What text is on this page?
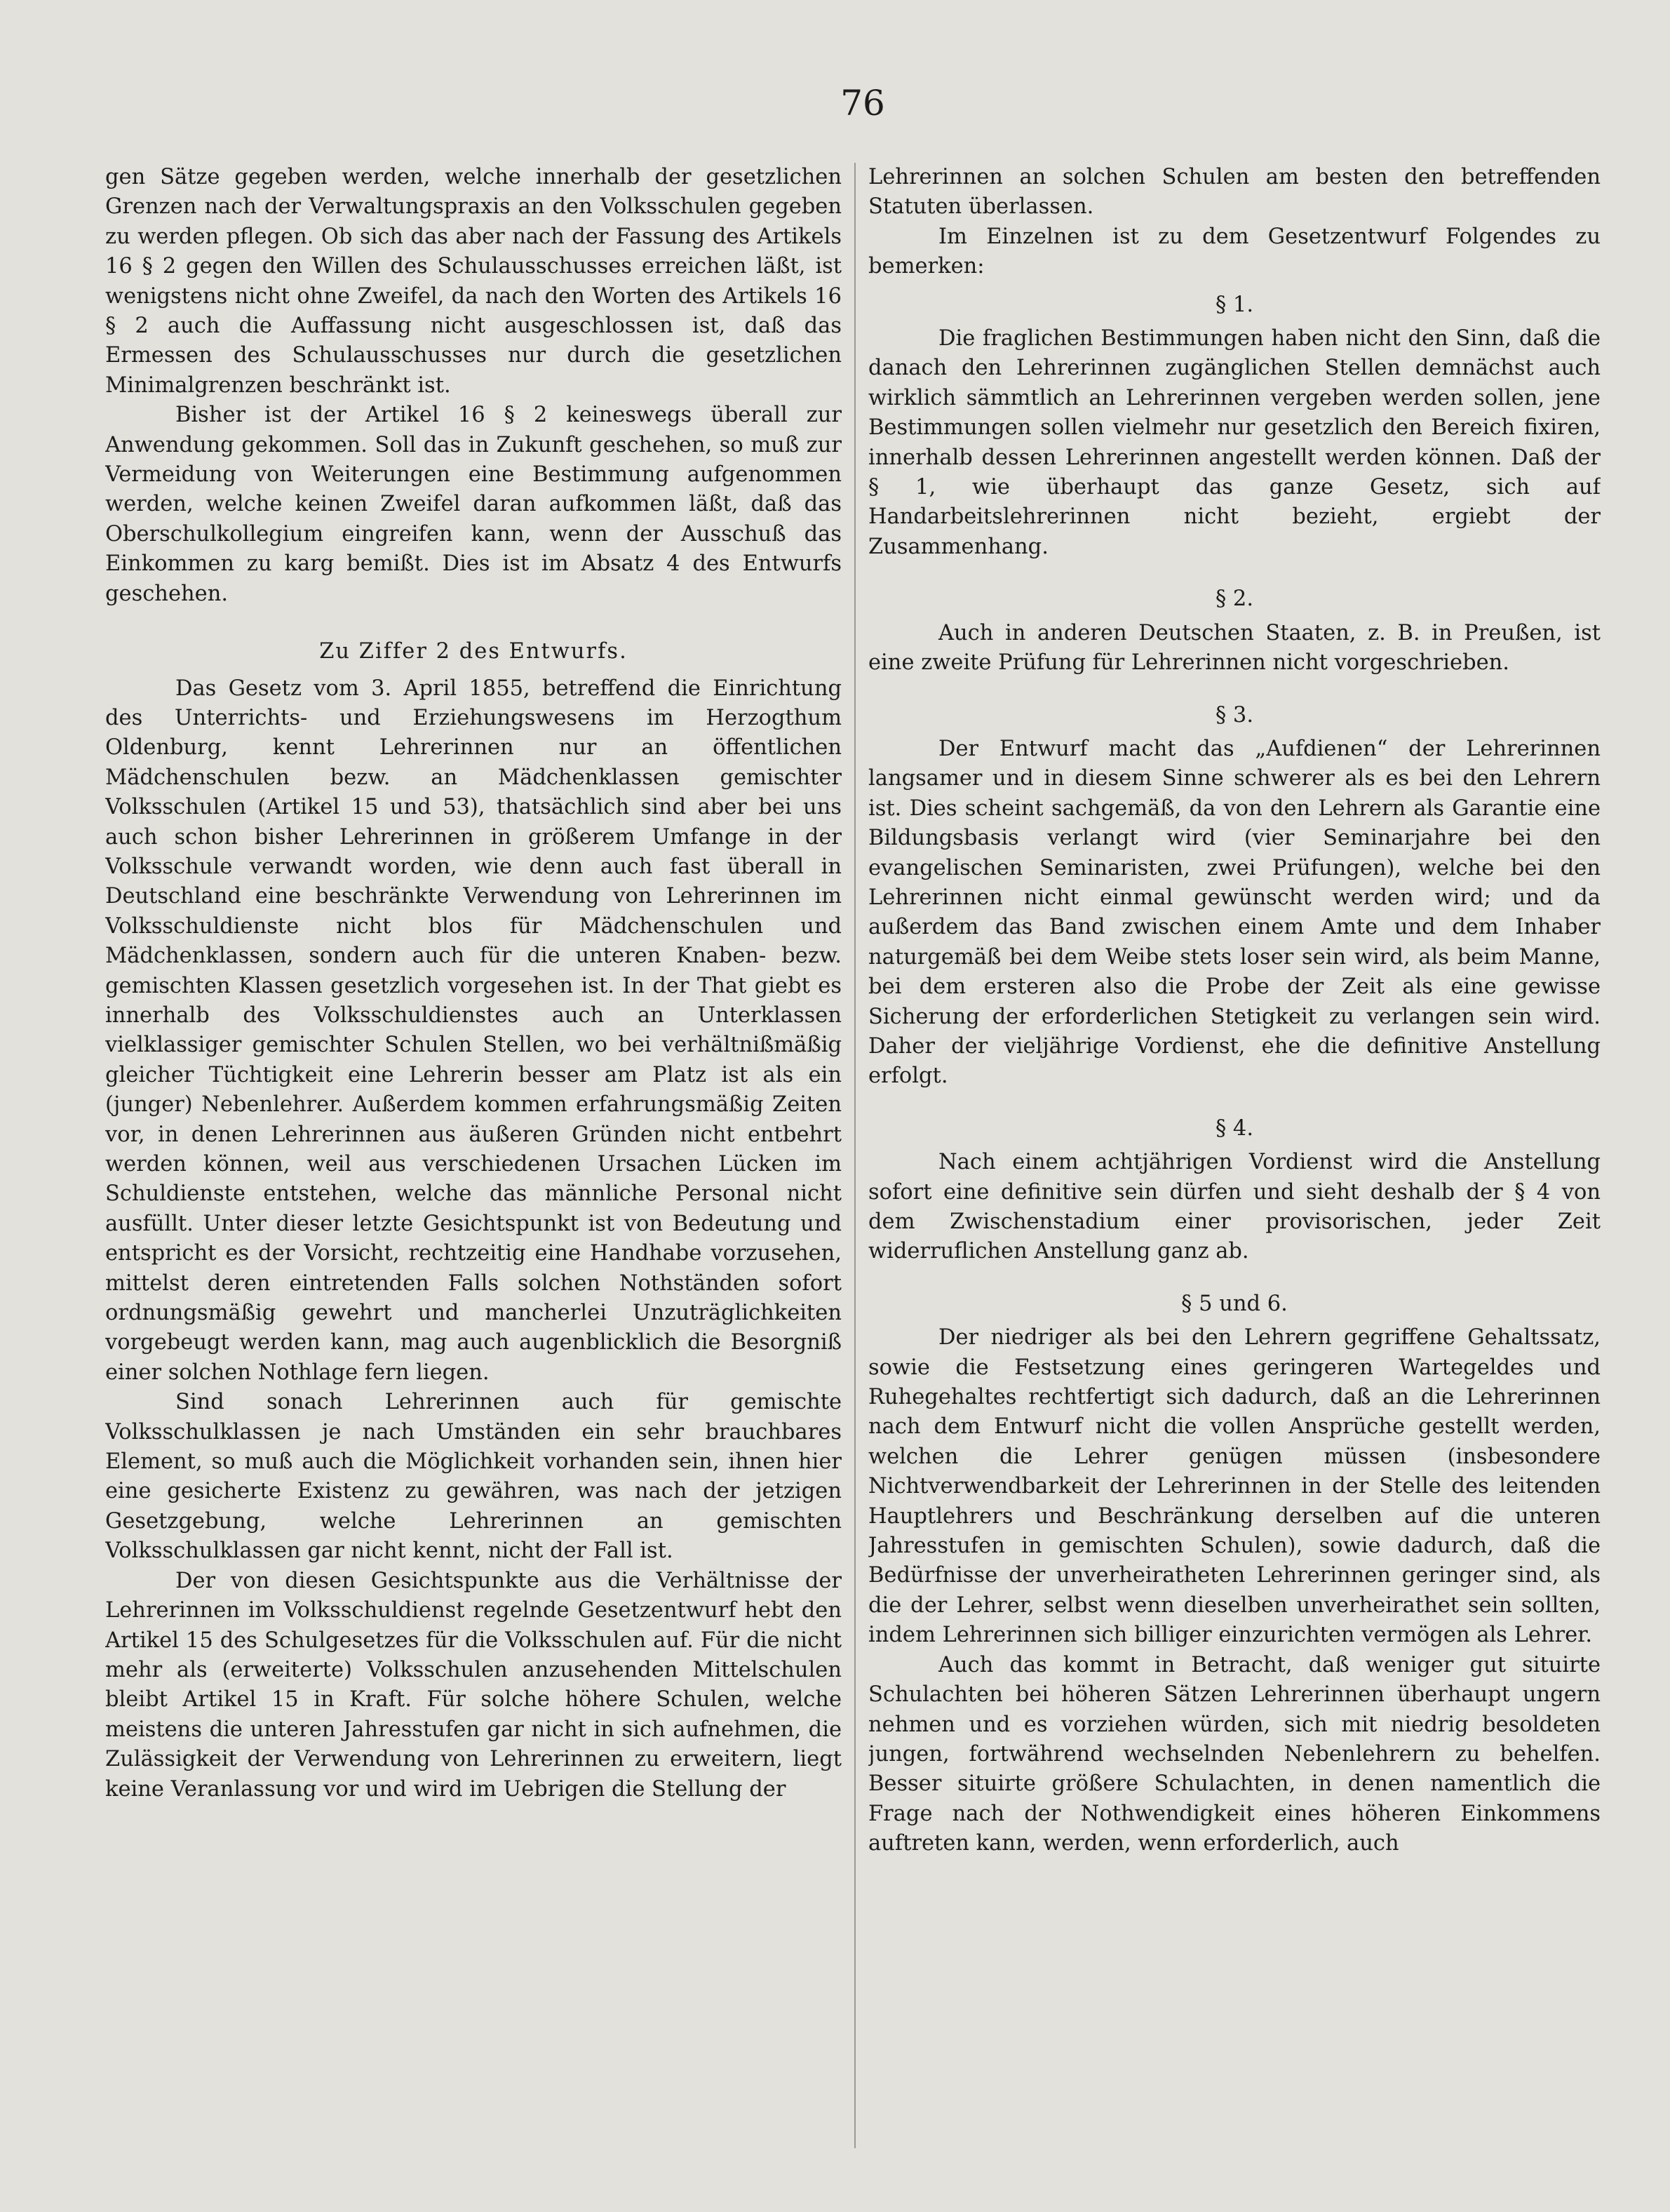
76

gen Sätze gegeben werden, welche innerhalb der gesetzlichen Grenzen nach der Verwaltungspraxis an den Volksschulen gegeben zu werden pflegen. Ob sich das aber nach der Fassung des Artikels 16 § 2 gegen den Willen des Schulausschusses erreichen läßt, ist wenigstens nicht ohne Zweifel, da nach den Worten des Artikels 16 § 2 auch die Auffassung nicht ausgeschlossen ist, daß das Ermessen des Schulausschusses nur durch die gesetzlichen Minimalgrenzen beschränkt ist.

Bisher ist der Artikel 16 § 2 keineswegs überall zur Anwendung gekommen. Soll das in Zukunft geschehen, so muß zur Vermeidung von Weiterungen eine Bestimmung aufgenommen werden, welche keinen Zweifel daran aufkommen läßt, daß das Oberschulkollegium eingreifen kann, wenn der Ausschuß das Einkommen zu karg bemißt. Dies ist im Absatz 4 des Entwurfs geschehen.

Zu Ziffer 2 des Entwurfs.

Das Gesetz vom 3. April 1855, betreffend die Einrichtung des Unterrichts- und Erziehungswesens im Herzogthum Oldenburg, kennt Lehrerinnen nur an öffentlichen Mädchenschulen bezw. an Mädchenklassen gemischter Volksschulen (Artikel 15 und 53), thatsächlich sind aber bei uns auch schon bisher Lehrerinnen in größerem Umfange in der Volksschule verwandt worden, wie denn auch fast überall in Deutschland eine beschränkte Verwendung von Lehrerinnen im Volksschuldienste nicht blos für Mädchenschulen und Mädchenklassen, sondern auch für die unteren Knaben- bezw. gemischten Klassen gesetzlich vorgesehen ist. In der That giebt es innerhalb des Volksschuldienstes auch an Unterklassen vielklassiger gemischter Schulen Stellen, wo bei verhältnißmäßig gleicher Tüchtigkeit eine Lehrerin besser am Platz ist als ein (junger) Nebenlehrer. Außerdem kommen erfahrungsmäßig Zeiten vor, in denen Lehrerinnen aus äußeren Gründen nicht entbehrt werden können, weil aus verschiedenen Ursachen Lücken im Schuldienste entstehen, welche das männliche Personal nicht ausfüllt. Unter dieser letzte Gesichtspunkt ist von Bedeutung und entspricht es der Vorsicht, rechtzeitig eine Handhabe vorzusehen, mittelst deren eintretenden Falls solchen Nothständen sofort ordnungsmäßig gewehrt und mancherlei Unzuträglichkeiten vorgebeugt werden kann, mag auch augenblicklich die Besorgniß einer solchen Nothlage fern liegen.

Sind sonach Lehrerinnen auch für gemischte Volksschulklassen je nach Umständen ein sehr brauchbares Element, so muß auch die Möglichkeit vorhanden sein, ihnen hier eine gesicherte Existenz zu gewähren, was nach der jetzigen Gesetzgebung, welche Lehrerinnen an gemischten Volksschulklassen gar nicht kennt, nicht der Fall ist.

Der von diesen Gesichtspunkte aus die Verhältnisse der Lehrerinnen im Volksschuldienst regelnde Gesetzentwurf hebt den Artikel 15 des Schulgesetzes für die Volksschulen auf. Für die nicht mehr als (erweiterte) Volksschulen anzusehenden Mittelschulen bleibt Artikel 15 in Kraft. Für solche höhere Schulen, welche meistens die unteren Jahresstufen gar nicht in sich aufnehmen, die Zulässigkeit der Verwendung von Lehrerinnen zu erweitern, liegt keine Veranlassung vor und wird im Uebrigen die Stellung der

Lehrerinnen an solchen Schulen am besten den betreffenden Statuten überlassen.

Im Einzelnen ist zu dem Gesetzentwurf Folgendes zu bemerken:

§ 1.

Die fraglichen Bestimmungen haben nicht den Sinn, daß die danach den Lehrerinnen zugänglichen Stellen demnächst auch wirklich sämmtlich an Lehrerinnen vergeben werden sollen, jene Bestimmungen sollen vielmehr nur gesetzlich den Bereich fixiren, innerhalb dessen Lehrerinnen angestellt werden können. Daß der § 1, wie überhaupt das ganze Gesetz, sich auf Handarbeitslehrerinnen nicht bezieht, ergiebt der Zusammenhang.

§ 2.

Auch in anderen Deutschen Staaten, z. B. in Preußen, ist eine zweite Prüfung für Lehrerinnen nicht vorgeschrieben.

§ 3.

Der Entwurf macht das „Aufdienen“ der Lehrerinnen langsamer und in diesem Sinne schwerer als es bei den Lehrern ist. Dies scheint sachgemäß, da von den Lehrern als Garantie eine Bildungsbasis verlangt wird (vier Seminarjahre bei den evangelischen Seminaristen, zwei Prüfungen), welche bei den Lehrerinnen nicht einmal gewünscht werden wird; und da außerdem das Band zwischen einem Amte und dem Inhaber naturgemäß bei dem Weibe stets loser sein wird, als beim Manne, bei dem ersteren also die Probe der Zeit als eine gewisse Sicherung der erforderlichen Stetigkeit zu verlangen sein wird. Daher der vieljährige Vordienst, ehe die definitive Anstellung erfolgt.

§ 4.

Nach einem achtjährigen Vordienst wird die Anstellung sofort eine definitive sein dürfen und sieht deshalb der § 4 von dem Zwischenstadium einer provisorischen, jeder Zeit widerruflichen Anstellung ganz ab.

§ 5 und 6.

Der niedriger als bei den Lehrern gegriffene Gehaltssatz, sowie die Festsetzung eines geringeren Wartegeldes und Ruhegehaltes rechtfertigt sich dadurch, daß an die Lehrerinnen nach dem Entwurf nicht die vollen Ansprüche gestellt werden, welchen die Lehrer genügen müssen (insbesondere Nichtverwendbarkeit der Lehrerinnen in der Stelle des leitenden Hauptlehrers und Beschränkung derselben auf die unteren Jahresstufen in gemischten Schulen), sowie dadurch, daß die Bedürfnisse der unverheiratheten Lehrerinnen geringer sind, als die der Lehrer, selbst wenn dieselben unverheirathet sein sollten, indem Lehrerinnen sich billiger einzurichten vermögen als Lehrer.

Auch das kommt in Betracht, daß weniger gut situirte Schulachten bei höheren Sätzen Lehrerinnen überhaupt ungern nehmen und es vorziehen würden, sich mit niedrig besoldeten jungen, fortwährend wechselnden Nebenlehrern zu behelfen. Besser situirte größere Schulachten, in denen namentlich die Frage nach der Nothwendigkeit eines höheren Einkommens auftreten kann, werden, wenn erforderlich, auch
